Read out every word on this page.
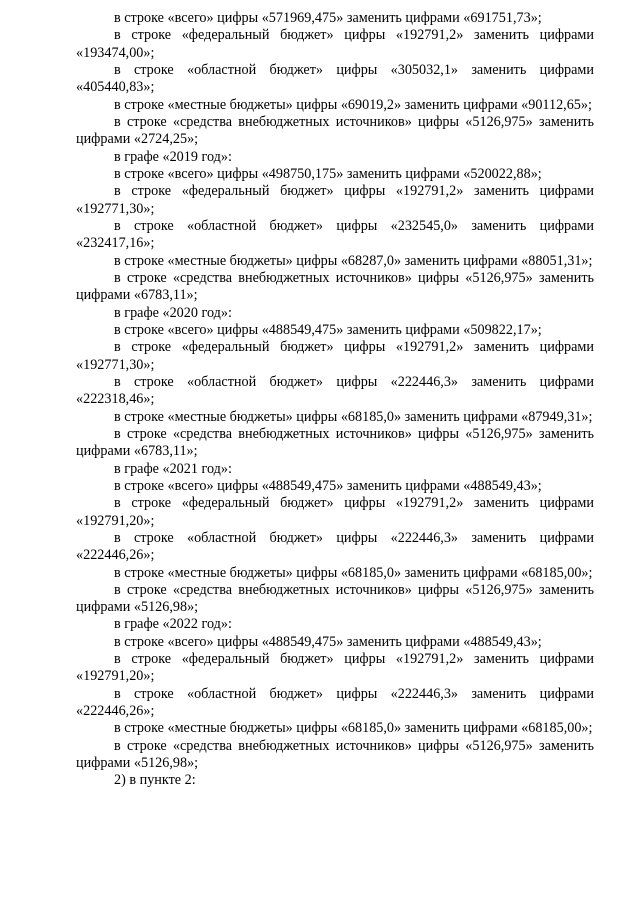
в строке «всего» цифры «571969,475» заменить цифрами «691751,73»;

в строке «федеральный бюджет» цифры «192791,2» заменить цифрами «193474,00»;

в строке «областной бюджет» цифры «305032,1» заменить цифрами «405440,83»;

в строке «местные бюджеты» цифры «69019,2» заменить цифрами «90112,65»;

в строке «средства внебюджетных источников» цифры «5126,975» заменить цифрами «2724,25»;

в графе «2019 год»:

в строке «всего» цифры «498750,175» заменить цифрами «520022,88»;

в строке «федеральный бюджет» цифры «192791,2» заменить цифрами «192771,30»;

в строке «областной бюджет» цифры «232545,0» заменить цифрами «232417,16»;

в строке «местные бюджеты» цифры «68287,0» заменить цифрами «88051,31»;

в строке «средства внебюджетных источников» цифры «5126,975» заменить цифрами «6783,11»;

в графе «2020 год»:

в строке «всего» цифры «488549,475» заменить цифрами «509822,17»;

в строке «федеральный бюджет» цифры «192791,2» заменить цифрами «192771,30»;

в строке «областной бюджет» цифры «222446,3» заменить цифрами «222318,46»;

в строке «местные бюджеты» цифры «68185,0» заменить цифрами «87949,31»;

в строке «средства внебюджетных источников» цифры «5126,975» заменить цифрами «6783,11»;

в графе «2021 год»:

в строке «всего» цифры «488549,475» заменить цифрами «488549,43»;

в строке «федеральный бюджет» цифры «192791,2» заменить цифрами «192791,20»;

в строке «областной бюджет» цифры «222446,3» заменить цифрами «222446,26»;

в строке «местные бюджеты» цифры «68185,0» заменить цифрами «68185,00»;

в строке «средства внебюджетных источников» цифры «5126,975» заменить цифрами «5126,98»;

в графе «2022 год»:

в строке «всего» цифры «488549,475» заменить цифрами «488549,43»;

в строке «федеральный бюджет» цифры «192791,2» заменить цифрами «192791,20»;

в строке «областной бюджет» цифры «222446,3» заменить цифрами «222446,26»;

в строке «местные бюджеты» цифры «68185,0» заменить цифрами «68185,00»;

в строке «средства внебюджетных источников» цифры «5126,975» заменить цифрами «5126,98»;

2) в пункте 2:
